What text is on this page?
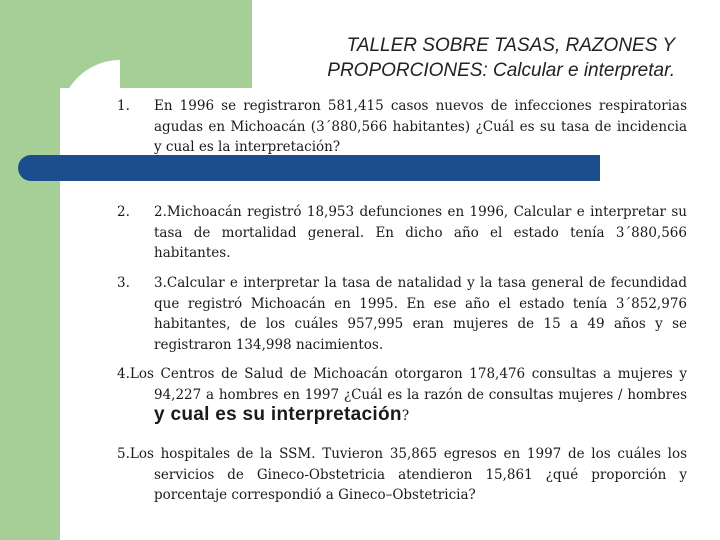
TALLER SOBRE TASAS, RAZONES Y
PROPORCIONES: Calcular e interpretar.
1.	En 1996 se registraron 581,415 casos nuevos de infecciones respiratorias agudas en Michoacán (3´880,566 habitantes) ¿Cuál es su tasa de incidencia y cual es la interpretación?
2.	2.Michoacán registró 18,953 defunciones en 1996, Calcular e interpretar su tasa de mortalidad general. En dicho año el estado tenía 3´880,566 habitantes.
3.	3.Calcular e interpretar la tasa de natalidad y la tasa general de fecundidad que registró Michoacán en 1995. En ese año el estado tenía 3´852,976 habitantes, de los cuáles 957,995 eran mujeres de 15 a 49 años y se registraron 134,998 nacimientos.
4.Los Centros de Salud de Michoacán otorgaron 178,476 consultas a mujeres y 94,227 a hombres en 1997 ¿Cuál es la razón de consultas mujeres / hombres y cual es su interpretación?
5.Los hospitales de la SSM. Tuvieron 35,865 egresos en 1997 de los cuáles los servicios de Gineco-Obstetricia atendieron 15,861 ¿qué proporción y porcentaje correspondió a Gineco–Obstetricia?
